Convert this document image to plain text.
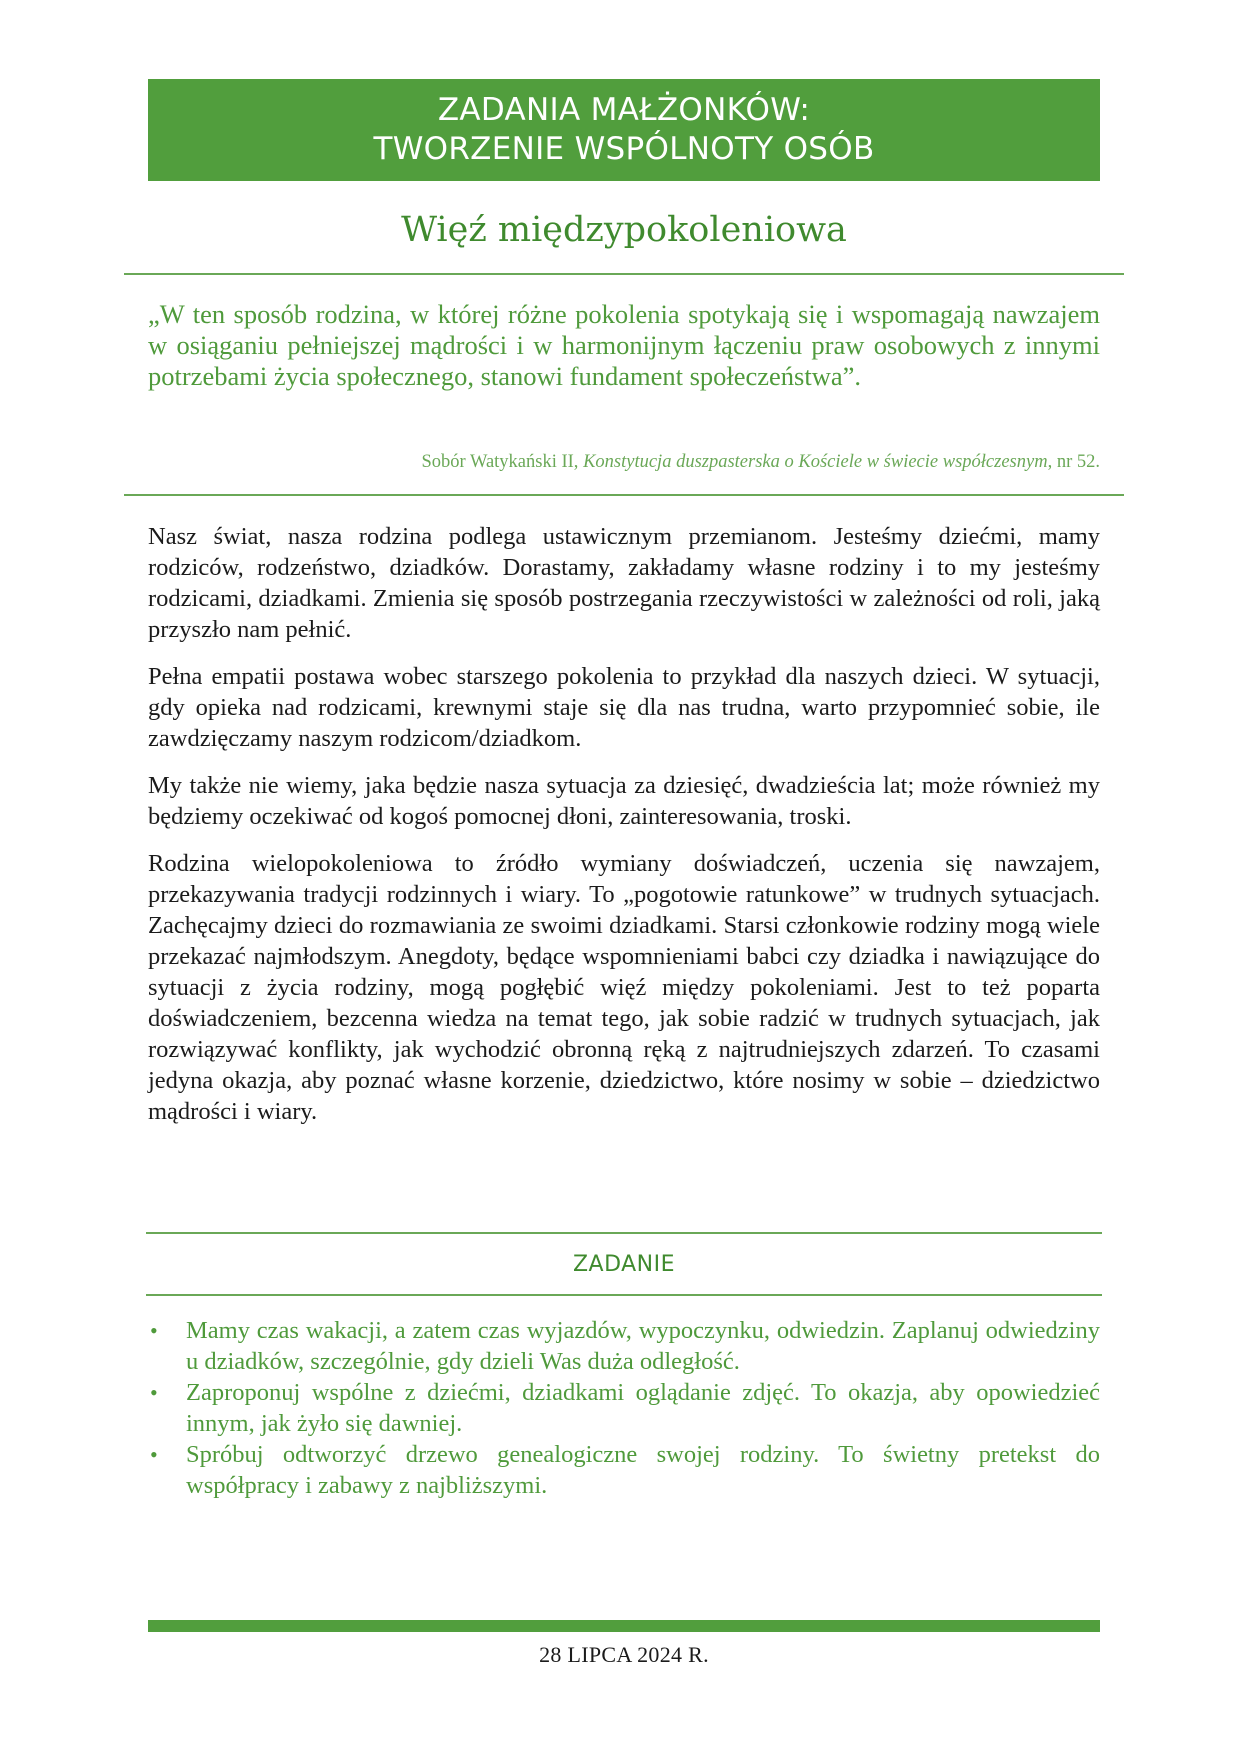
ZADANIA MAŁŻONKÓW:
TWORZENIE WSPÓLNOTY OSÓB
Więź międzypokoleniowa

„W ten sposób rodzina, w której różne pokolenia spotykają się i wspomagają nawzajem w osiąganiu pełniejszej mądrości i w harmonijnym łączeniu praw osobowych z innymi potrzebami życia społecznego, stanowi fundament społeczeństwa”.

Sobór Watykański II, Konstytucja duszpasterska o Kościele w świecie współczesnym, nr 52.

Nasz świat, nasza rodzina podlega ustawicznym przemianom. Jesteśmy dziećmi, mamy rodziców, rodzeństwo, dziadków. Dorastamy, zakładamy własne rodziny i to my jesteśmy rodzicami, dziadkami. Zmienia się sposób postrzegania rzeczywistości w zależności od roli, jaką przyszło nam pełnić.

Pełna empatii postawa wobec starszego pokolenia to przykład dla naszych dzieci. W sytuacji, gdy opieka nad rodzicami, krewnymi staje się dla nas trudna, warto przypomnieć sobie, ile zawdzięczamy naszym rodzicom/dziadkom.

My także nie wiemy, jaka będzie nasza sytuacja za dziesięć, dwadzieścia lat; może również my będziemy oczekiwać od kogoś pomocnej dłoni, zainteresowania, troski.

Rodzina wielopokoleniowa to źródło wymiany doświadczeń, uczenia się nawzajem, przekazywania tradycji rodzinnych i wiary. To „pogotowie ratunkowe” w trudnych sytuacjach. Zachęcajmy dzieci do rozmawiania ze swoimi dziadkami. Starsi członkowie rodziny mogą wiele przekazać najmłodszym. Anegdoty, będące wspomnieniami babci czy dziadka i nawiązujące do sytuacji z życia rodziny, mogą pogłębić więź między pokoleniami. Jest to też poparta doświadczeniem, bezcenna wiedza na temat tego, jak sobie radzić w trudnych sytuacjach, jak rozwiązywać konflikty, jak wychodzić obronną ręką z najtrudniejszych zdarzeń. To czasami jedyna okazja, aby poznać własne korzenie, dziedzictwo, które nosimy w sobie – dziedzictwo mądrości i wiary.

ZADANIE
• Mamy czas wakacji, a zatem czas wyjazdów, wypoczynku, odwiedzin. Zaplanuj odwiedziny u dziadków, szczególnie, gdy dzieli Was duża odległość.
• Zaproponuj wspólne z dziećmi, dziadkami oglądanie zdjęć. To okazja, aby opowiedzieć innym, jak żyło się dawniej.
• Spróbuj odtworzyć drzewo genealogiczne swojej rodziny. To świetny pretekst do współpracy i zabawy z najbliższymi.
28 LIPCA 2024 R.
